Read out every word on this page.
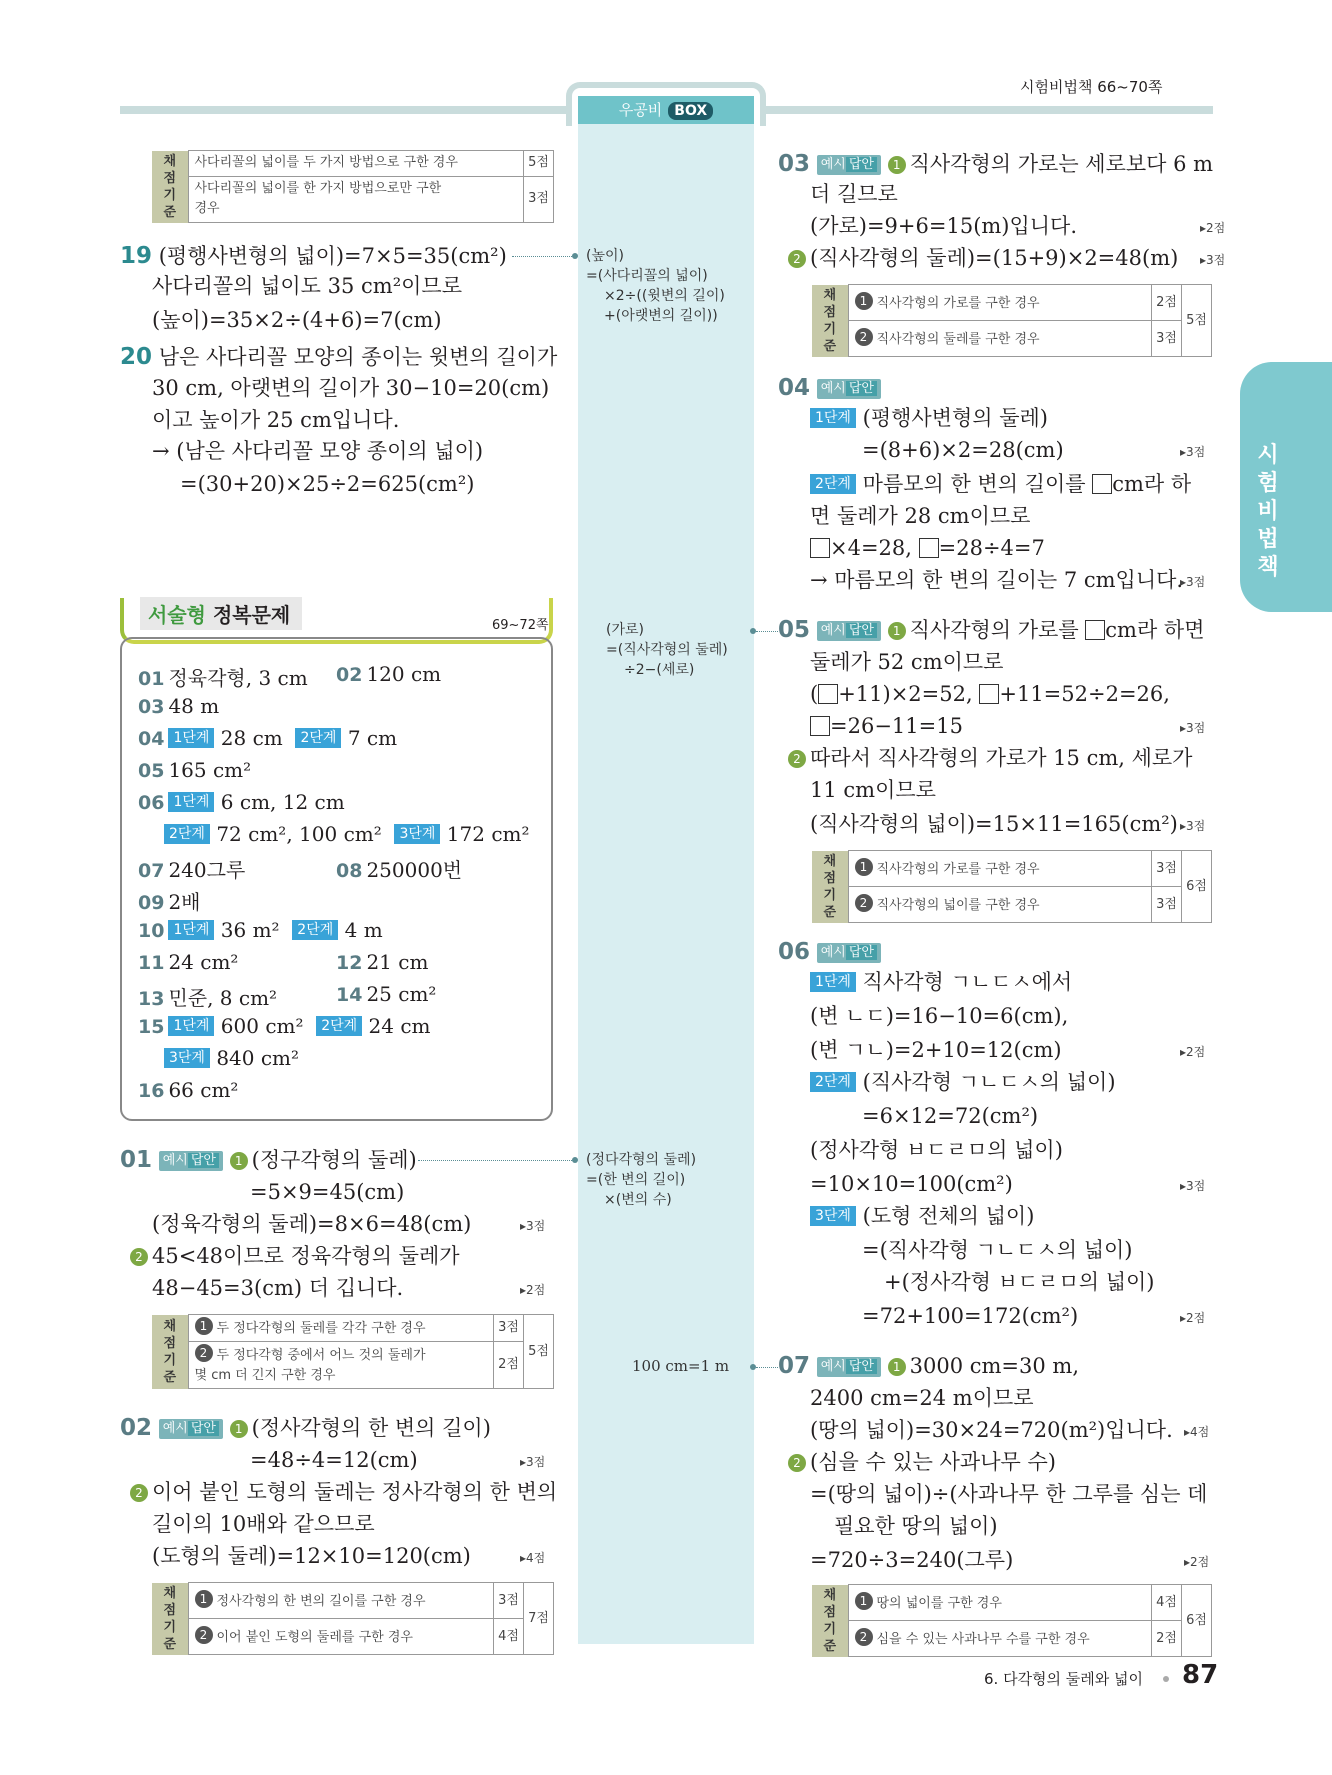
우공비 BOX
시험비법책 66~70쪽
시험비법책
채점
기준	사다리꼴의 넓이를 두 가지 방법으로 구한 경우	5점
	사다리꼴의 넓이를 한 가지 방법으로만 구한
경우	3점
19 (평행사변형의 넓이)=7×5=35(cm²)
사다리꼴의 넓이도 35 cm²이므로
(높이)=35×2÷(4+6)=7(cm)
20 남은 사다리꼴 모양의 종이는 윗변의 길이가
30 cm, 아랫변의 길이가 30−10=20(cm)
이고 높이가 25 cm입니다.
→ (남은 사다리꼴 모양 종이의 넓이)
=(30+20)×25÷2=625(cm²)
서술형 정복문제	69~72쪽
01 정육각형, 3 cm 02 120 cm
03 48 m
04 1단계 28 cm 2단계 7 cm
05 165 cm²
06 1단계 6 cm, 12 cm
2단계 72 cm², 100 cm² 3단계 172 cm²
07 240그루	08 250000번
09 2배
10 1단계 36 m² 2단계 4 m
11 24 cm²	12 21 cm
13 민준, 8 cm²	14 25 cm²
15 1단계 600 cm² 2단계 24 cm
3단계 840 cm²
16 66 cm²
01 예시 답안 1 (정구각형의 둘레)
=5×9=45(cm)
(정육각형의 둘레)=8×6=48(cm)	▸3점
2 45<48이므로 정육각형의 둘레가
48−45=3(cm) 더 깁니다.	▸2점
채점
기준	1 두 정다각형의 둘레를 각각 구한 경우	3점	5점
	2 두 정다각형 중에서 어느 것의 둘레가
몇 cm 더 긴지 구한 경우	2점	
02 예시 답안 1 (정사각형의 한 변의 길이)
=48÷4=12(cm)	▸3점
2 이어 붙인 도형의 둘레는 정사각형의 한 변의
길이의 10배와 같으므로
(도형의 둘레)=12×10=120(cm)	▸4점
채점
기준	1 정사각형의 한 변의 길이를 구한 경우	3점	7점
	2 이어 붙인 도형의 둘레를 구한 경우	4점	
(높이)
=(사다리꼴의 넓이)
×2÷((윗변의 길이)
+(아랫변의 길이))
(가로)
=(직사각형의 둘레)
÷2−(세로)
(정다각형의 둘레)
=(한 변의 길이)
×(변의 수)
100 cm=1 m
03 예시 답안 1 직사각형의 가로는 세로보다 6 m
더 길므로
(가로)=9+6=15(m)입니다.	▸2점
2 (직사각형의 둘레)=(15+9)×2=48(m) ▸3점
채점
기준	1 직사각형의 가로를 구한 경우	2점	5점
	2 직사각형의 둘레를 구한 경우	3점	
04 예시 답안
1단계 (평행사변형의 둘레)
=(8+6)×2=28(cm)	▸3점
2단계 마름모의 한 변의 길이를 cm라 하
면 둘레가 28 cm이므로
×4=28, =28÷4=7
→ 마름모의 한 변의 길이는 7 cm입니다.
▸3점
05 예시 답안 1 직사각형의 가로를 cm라 하면
둘레가 52 cm이므로
( +11)×2=52, +11=52÷2=26,
=26−11=15	▸3점
2 따라서 직사각형의 가로가 15 cm, 세로가
11 cm이므로
(직사각형의 넓이)=15×11=165(cm²) ▸3점
채점
기준	1 직사각형의 가로를 구한 경우	3점	6점
	2 직사각형의 넓이를 구한 경우	3점	
06 예시 답안
1단계 직사각형 ㄱㄴㄷㅅ에서
(변 ㄴㄷ)=16−10=6(cm),
(변 ㄱㄴ)=2+10=12(cm)	▸2점
2단계 (직사각형 ㄱㄴㄷㅅ의 넓이)
=6×12=72(cm²)
(정사각형 ㅂㄷㄹㅁ의 넓이)
=10×10=100(cm²)	▸3점
3단계 (도형 전체의 넓이)
=(직사각형 ㄱㄴㄷㅅ의 넓이)
+(정사각형 ㅂㄷㄹㅁ의 넓이)
=72+100=172(cm²)	▸2점
07 예시 답안 1 3000 cm=30 m,
2400 cm=24 m이므로
(땅의 넓이)=30×24=720(m²)입니다. ▸4점
2 (심을 수 있는 사과나무 수)
=(땅의 넓이)÷(사과나무 한 그루를 심는 데
필요한 땅의 넓이)
=720÷3=240(그루)	▸2점
채점
기준	1 땅의 넓이를 구한 경우	4점	6점
	2 심을 수 있는 사과나무 수를 구한 경우	2점	
6. 다각형의 둘레와 넓이 87
